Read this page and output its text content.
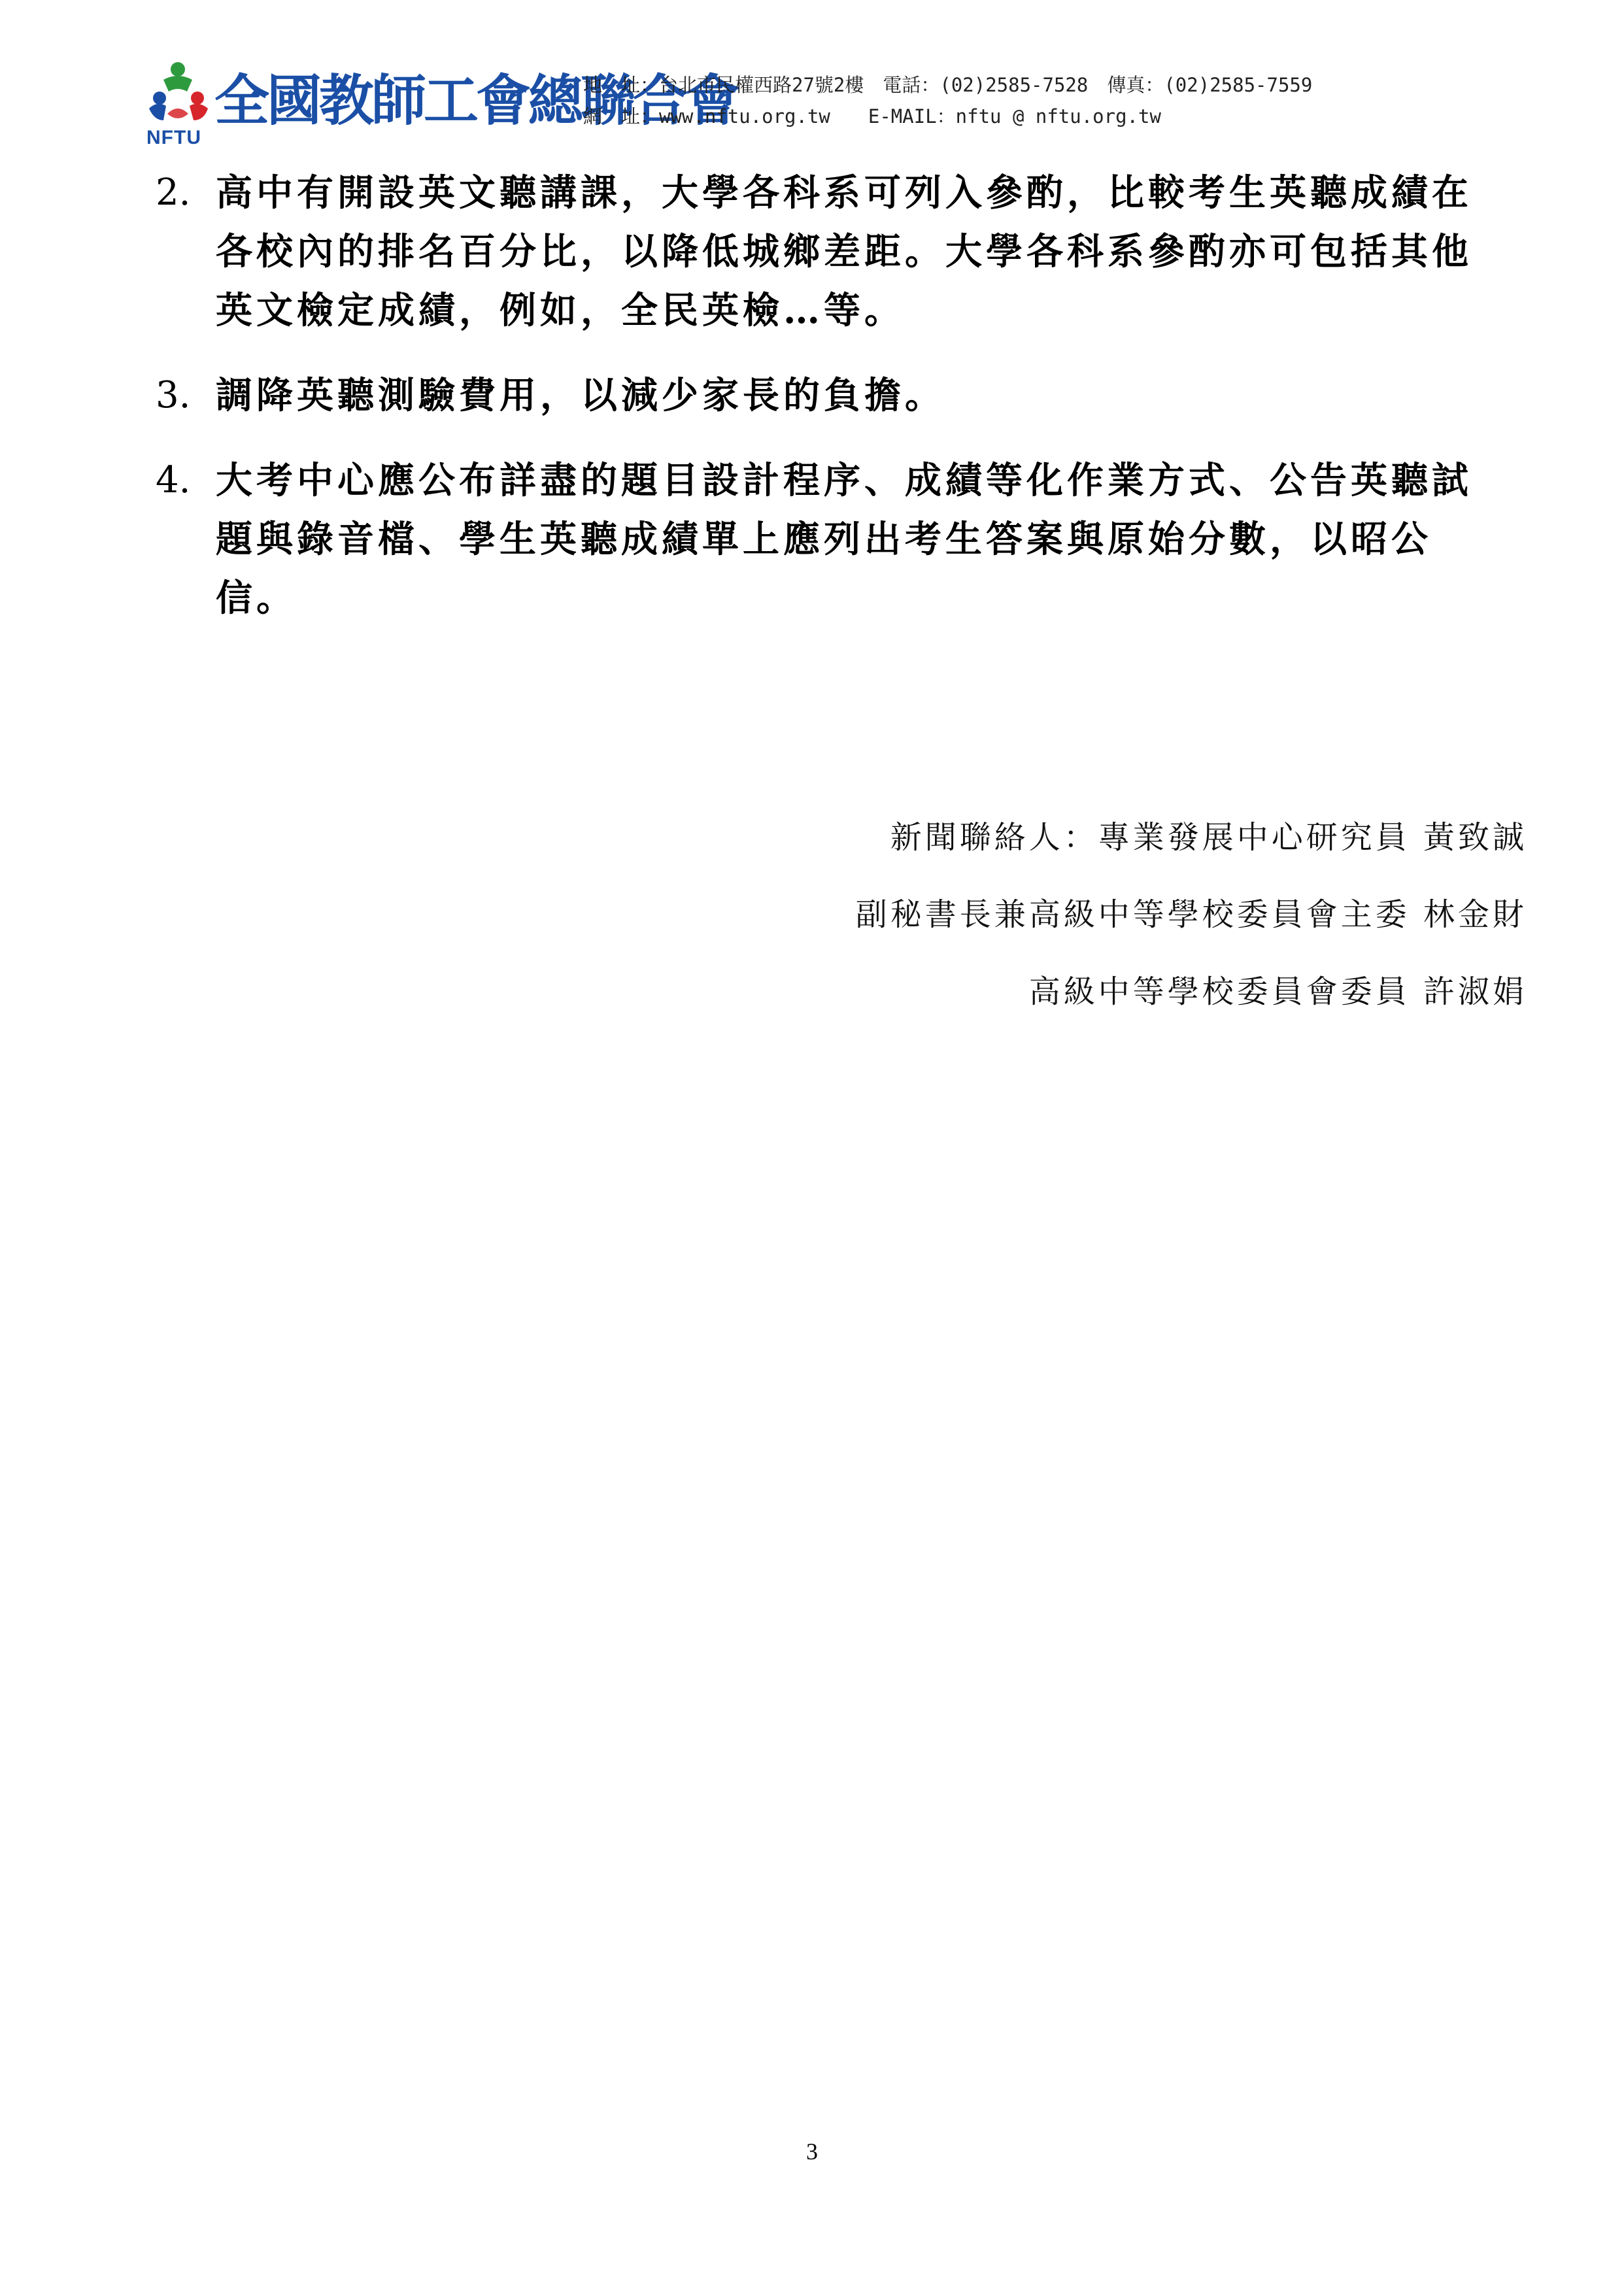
全國教師工會總聯合會
NFTU
地　址：台北市民權西路27號2樓　電話：(02)2585-7528　傳真：(02)2585-7559
網　址：www.nftu.org.tw　　E-MAIL：nftu @ nftu.org.tw
2. 高中有開設英文聽講課，大學各科系可列入參酌，比較考生英聽成績在各校內的排名百分比，以降低城鄉差距。大學各科系參酌亦可包括其他英文檢定成績，例如，全民英檢…等。
3. 調降英聽測驗費用，以減少家長的負擔。
4. 大考中心應公布詳盡的題目設計程序、成績等化作業方式、公告英聽試題與錄音檔、學生英聽成績單上應列出考生答案與原始分數，以昭公信。
新聞聯絡人：專業發展中心研究員 黃致誠
副秘書長兼高級中等學校委員會主委 林金財
高級中等學校委員會委員 許淑娟
3
